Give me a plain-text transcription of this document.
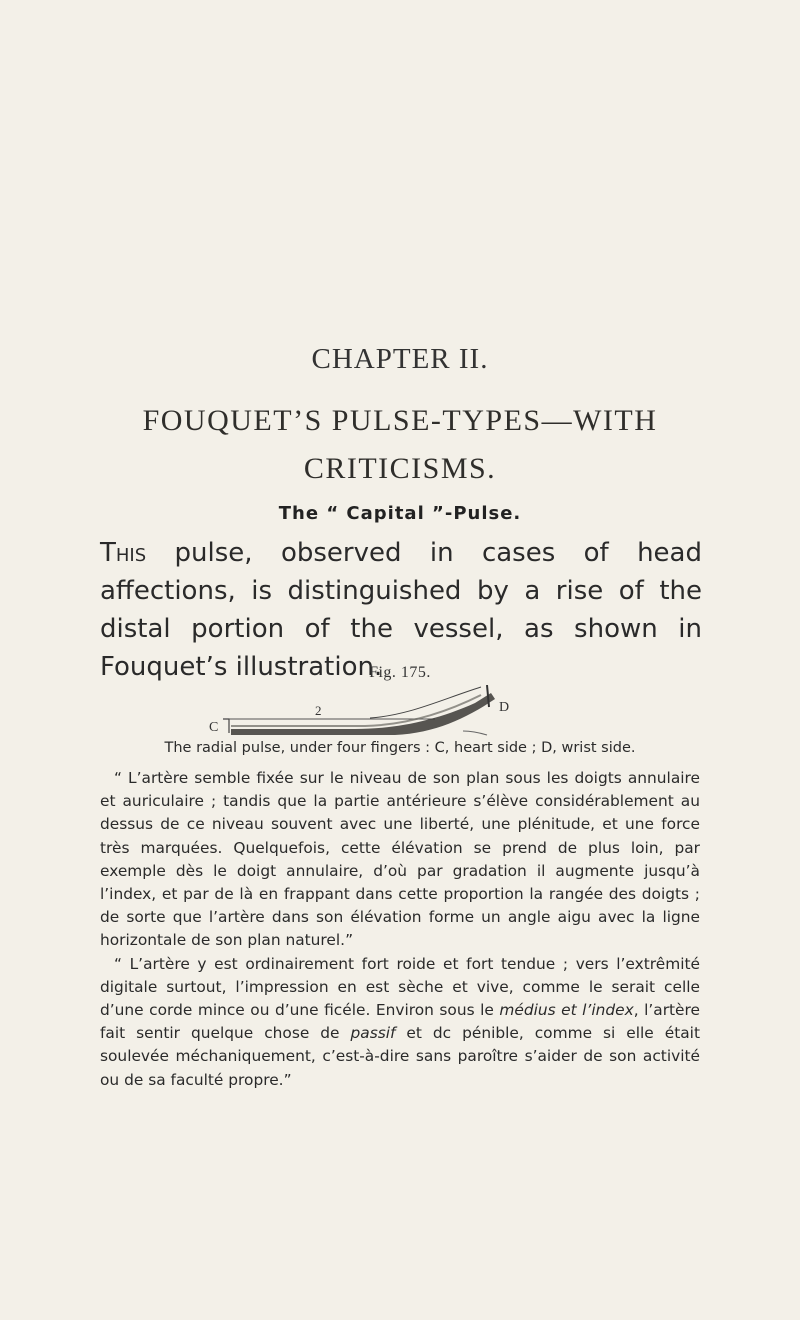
CHAPTER II.
FOUQUET’S PULSE-TYPES—WITH
CRITICISMS.
The “ Capital ”-Pulse.
This pulse, observed in cases of head affections, is distinguished by a rise of the distal portion of the vessel, as shown in Fouquet’s illustration.
Fig. 175.
C
2	D
The radial pulse, under four fingers : C, heart side ; D, wrist side.

“ L’artère semble fixée sur le niveau de son plan sous les doigts annulaire et auriculaire ; tandis que la partie antérieure s’élève considérablement au dessus de ce niveau souvent avec une liberté, une plénitude, et une force très marquées. Quelquefois, cette élévation se prend de plus loin, par exemple dès le doigt annulaire, d’où par gradation il augmente jusqu’à l’index, et par de là en frappant dans cette proportion la rangée des doigts ; de sorte que l’artère dans son élévation forme un angle aigu avec la ligne horizontale de son plan naturel.”

“ L’artère y est ordinairement fort roide et fort tendue ; vers l’extrêmité digitale surtout, l’impression en est sèche et vive, comme le serait celle d’une corde mince ou d’une ficéle. Environ sous le médius et l’index, l’artère fait sentir quelque chose de passif et dc pénible, comme si elle était soulevée méchaniquement, c’est-à-dire sans paroître s’aider de son activité ou de sa faculté propre.”
